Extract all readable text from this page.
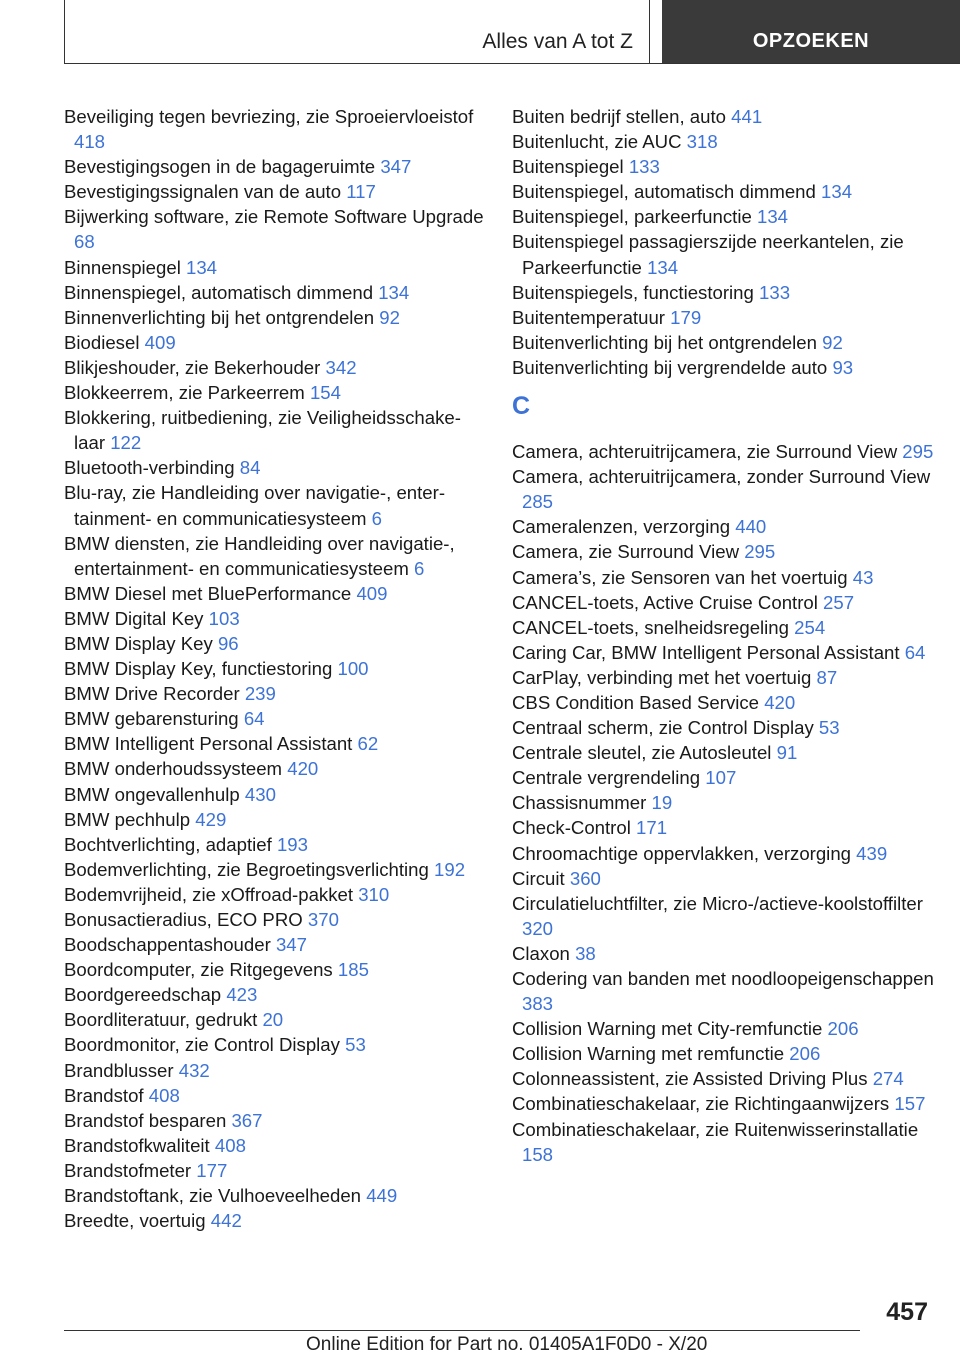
Alles van A tot Z	OPZOEKEN
Beveiliging tegen bevriezing, zie Sproeiervloeistof 418
Bevestigingsogen in de bagageruimte 347
Bevestigingssignalen van de auto 117
Bijwerking software, zie Remote Software Upgrade 68
Binnenspiegel 134
Binnenspiegel, automatisch dimmend 134
Binnenverlichting bij het ontgrendelen 92
Biodiesel 409
Blikjeshouder, zie Bekerhouder 342
Blokkeerrem, zie Parkeerrem 154
Blokkering, ruitbediening, zie Veiligheidsschakelaar 122
Bluetooth-verbinding 84
Blu-ray, zie Handleiding over navigatie-, entertainment- en communicatiesysteem 6
BMW diensten, zie Handleiding over navigatie-, entertainment- en communicatiesysteem 6
BMW Diesel met BluePerformance 409
BMW Digital Key 103
BMW Display Key 96
BMW Display Key, functiestoring 100
BMW Drive Recorder 239
BMW gebarensturing 64
BMW Intelligent Personal Assistant 62
BMW onderhoudssysteem 420
BMW ongevallenhulp 430
BMW pechhulp 429
Bochtverlichting, adaptief 193
Bodemverlichting, zie Begroetingsverlichting 192
Bodemvrijheid, zie xOffroad-pakket 310
Bonusactieradius, ECO PRO 370
Boodschappentashouder 347
Boordcomputer, zie Ritgegevens 185
Boordgereedschap 423
Boordliteratuur, gedrukt 20
Boordmonitor, zie Control Display 53
Brandblusser 432
Brandstof 408
Brandstof besparen 367
Brandstofkwaliteit 408
Brandstofmeter 177
Brandstoftank, zie Vulhoeveelheden 449
Breedte, voertuig 442
Buiten bedrijf stellen, auto 441
Buitenlucht, zie AUC 318
Buitenspiegel 133
Buitenspiegel, automatisch dimmend 134
Buitenspiegel, parkeerfunctie 134
Buitenspiegel passagierszijde neerkantelen, zie Parkeerfunctie 134
Buitenspiegels, functiestoring 133
Buitentemperatuur 179
Buitenverlichting bij het ontgrendelen 92
Buitenverlichting bij vergrendelde auto 93
C
Camera, achteruitrijcamera, zie Surround View 295
Camera, achteruitrijcamera, zonder Surround View 285
Cameralenzen, verzorging 440
Camera, zie Surround View 295
Camera’s, zie Sensoren van het voertuig 43
CANCEL-toets, Active Cruise Control 257
CANCEL-toets, snelheidsregeling 254
Caring Car, BMW Intelligent Personal Assistant 64
CarPlay, verbinding met het voertuig 87
CBS Condition Based Service 420
Centraal scherm, zie Control Display 53
Centrale sleutel, zie Autosleutel 91
Centrale vergrendeling 107
Chassisnummer 19
Check-Control 171
Chroomachtige oppervlakken, verzorging 439
Circuit 360
Circulatieluchtfilter, zie Micro-/actieve-koolstoffilter 320
Claxon 38
Codering van banden met noodloopeigenschappen 383
Collision Warning met City-remfunctie 206
Collision Warning met remfunctie 206
Colonneassistent, zie Assisted Driving Plus 274
Combinatieschakelaar, zie Richtingaanwijzers 157
Combinatieschakelaar, zie Ruitenwisserinstallatie 158
457
Online Edition for Part no. 01405A1F0D0 - X/20
